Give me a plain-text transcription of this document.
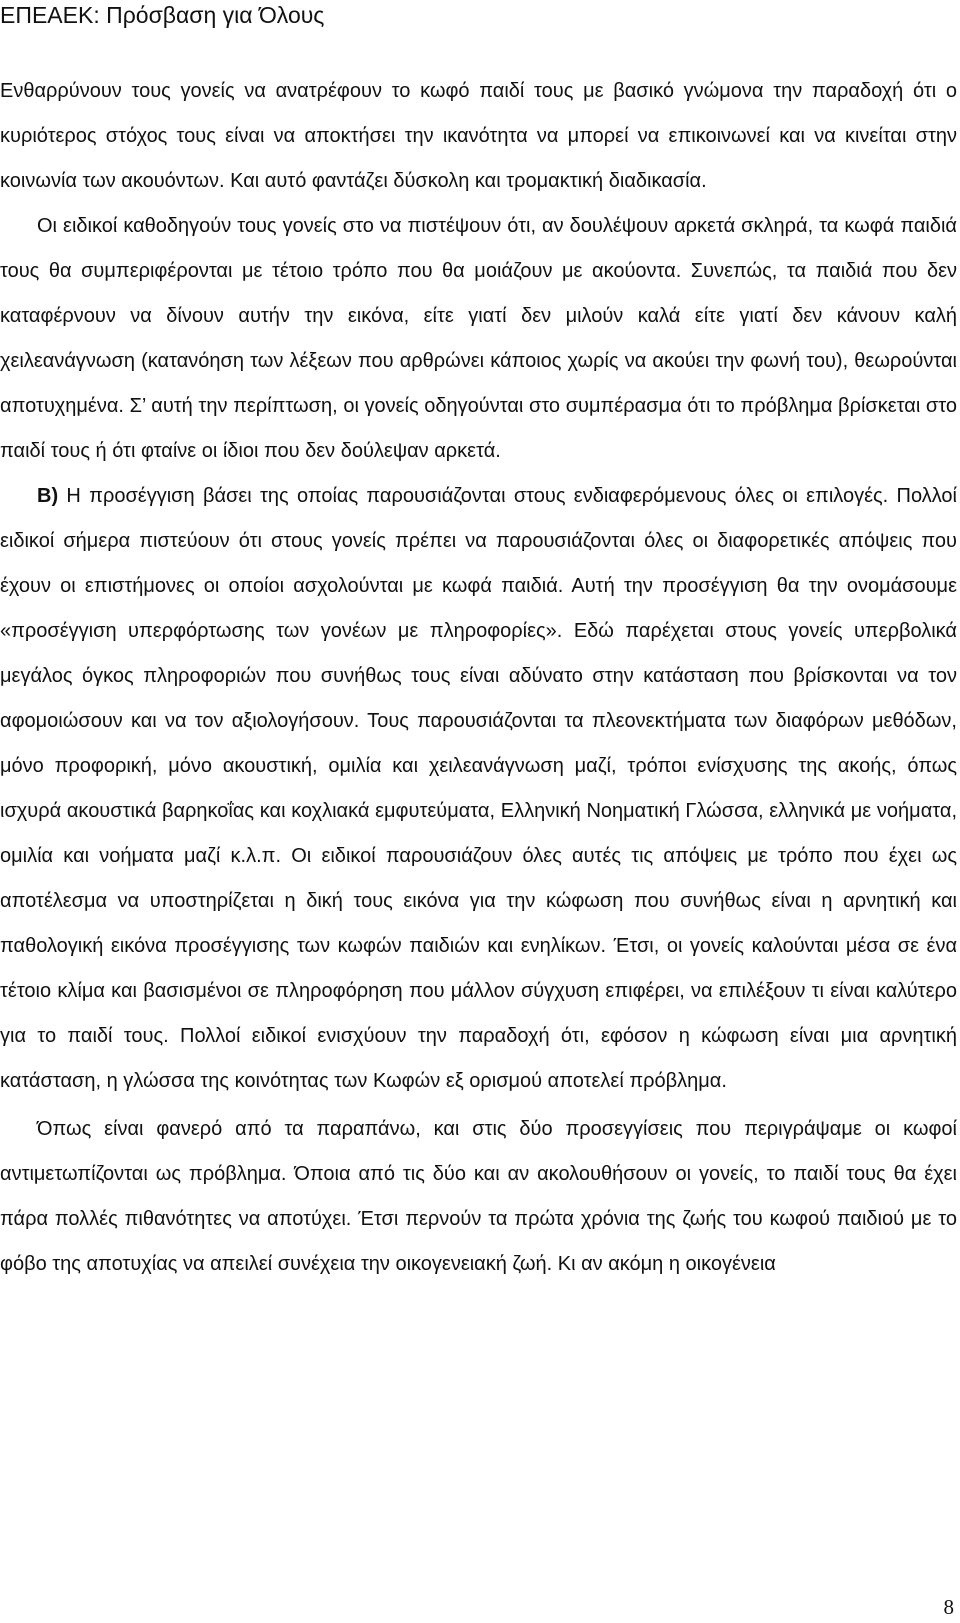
ΕΠΕΑΕΚ: Πρόσβαση για Όλους

Ενθαρρύνουν τους γονείς να ανατρέφουν το κωφό παιδί τους με βασικό γνώμονα την παραδοχή ότι ο κυριότερος στόχος τους είναι να αποκτήσει την ικανότητα να μπορεί να επικοινωνεί και να κινείται στην κοινωνία των ακουόντων. Και αυτό φαντάζει δύσκολη και τρομακτική διαδικασία.

Οι ειδικοί καθοδηγούν τους γονείς στο να πιστέψουν ότι, αν δουλέψουν αρκετά σκληρά, τα κωφά παιδιά τους θα συμπεριφέρονται με τέτοιο τρόπο που θα μοιάζουν με ακούοντα. Συνεπώς, τα παιδιά που δεν καταφέρνουν να δίνουν αυτήν την εικόνα, είτε γιατί δεν μιλούν καλά είτε γιατί δεν κάνουν καλή χειλεανάγνωση (κατανόηση των λέξεων που αρθρώνει κάποιος χωρίς να ακούει την φωνή του), θεωρούνται αποτυχημένα. Σ’ αυτή την περίπτωση, οι γονείς οδηγούνται στο συμπέρασμα ότι το πρόβλημα βρίσκεται στο παιδί τους ή ότι φταίνε οι ίδιοι που δεν δούλεψαν αρκετά.

Β) Η προσέγγιση βάσει της οποίας παρουσιάζονται στους ενδιαφερόμενους όλες οι επιλογές. Πολλοί ειδικοί σήμερα πιστεύουν ότι στους γονείς πρέπει να παρουσιάζονται όλες οι διαφορετικές απόψεις που έχουν οι επιστήμονες οι οποίοι ασχολούνται με κωφά παιδιά. Αυτή την προσέγγιση θα την ονομάσουμε «προσέγγιση υπερφόρτωσης των γονέων με πληροφορίες». Εδώ παρέχεται στους γονείς υπερβολικά μεγάλος όγκος πληροφοριών που συνήθως τους είναι αδύνατο στην κατάσταση που βρίσκονται να τον αφομοιώσουν και να τον αξιολογήσουν. Τους παρουσιάζονται τα πλεονεκτήματα των διαφόρων μεθόδων, μόνο προφορική, μόνο ακουστική, ομιλία και χειλεανάγνωση μαζί, τρόποι ενίσχυσης της ακοής, όπως ισχυρά ακουστικά βαρηκοΐας και κοχλιακά εμφυτεύματα, Ελληνική Νοηματική Γλώσσα, ελληνικά με νοήματα, ομιλία και νοήματα μαζί κ.λ.π. Οι ειδικοί παρουσιάζουν όλες αυτές τις απόψεις με τρόπο που έχει ως αποτέλεσμα να υποστηρίζεται η δική τους εικόνα για την κώφωση που συνήθως είναι η αρνητική και παθολογική εικόνα προσέγγισης των κωφών παιδιών και ενηλίκων. Έτσι, οι γονείς καλούνται μέσα σε ένα τέτοιο κλίμα και βασισμένοι σε πληροφόρηση που μάλλον σύγχυση επιφέρει, να επιλέξουν τι είναι καλύτερο για το παιδί τους. Πολλοί ειδικοί ενισχύουν την παραδοχή ότι, εφόσον η κώφωση είναι μια αρνητική κατάσταση, η γλώσσα της κοινότητας των Κωφών εξ ορισμού αποτελεί πρόβλημα.

Όπως είναι φανερό από τα παραπάνω, και στις δύο προσεγγίσεις που περιγράψαμε οι κωφοί αντιμετωπίζονται ως πρόβλημα. Όποια από τις δύο και αν ακολουθήσουν οι γονείς, το παιδί τους θα έχει πάρα πολλές πιθανότητες να αποτύχει. Έτσι περνούν τα πρώτα χρόνια της ζωής του κωφού παιδιού με το φόβο της αποτυχίας να απειλεί συνέχεια την οικογενειακή ζωή. Κι αν ακόμη η οικογένεια

8
